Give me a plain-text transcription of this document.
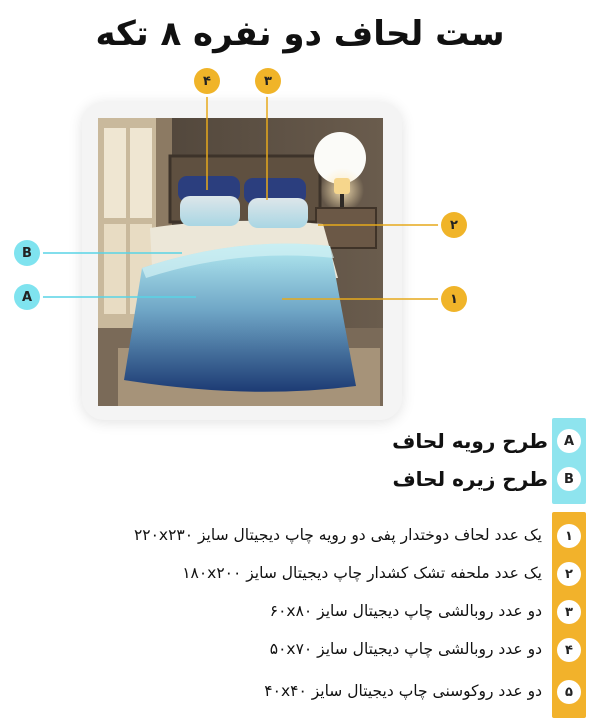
ست لحاف دو نفره ۸ تکه
۴	۳
۲
B
A	۱
A
B
طرح رویه لحاف
طرح زیره لحاف
۱
یک عدد لحاف دوختدار پفی دو رویه چاپ دیجیتال سایز ۲۲۰x۲۳۰
۲
یک عدد ملحفه تشک کشدار چاپ دیجیتال سایز ۱۸۰x۲۰۰
۳
دو عدد روبالشی چاپ دیجیتال سایز ۶۰x۸۰
۴
دو عدد روبالشی چاپ دیجیتال سایز ۵۰x۷۰
۵
دو عدد روکوسنی چاپ دیجیتال سایز ۴۰x۴۰
